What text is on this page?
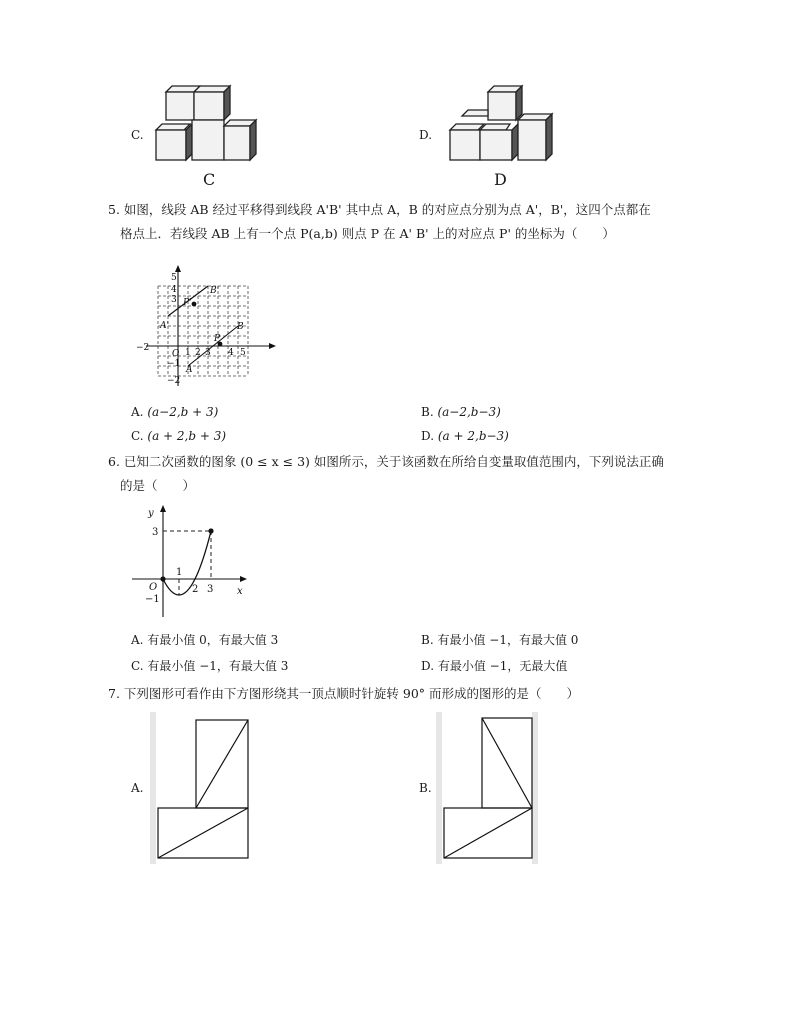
C.
C
D.
D
5. 如图，线段 AB 经过平移得到线段 A'B' 其中点 A，B 的对应点分别为点 A'，B'，这四个点都在
格点上．若线段 AB 上有一个点 P(a,b) 则点 P 在 A' B' 上的对应点 P' 的坐标为（　　）
−2
O
−1
−2
5
4
3
1 2 3 4 5
A'
B'
P'
A
B
P
A. (a−2,b + 3)	B. (a−2,b−3)
C. (a + 2,b + 3)	D. (a + 2,b−3)
6. 已知二次函数的图象 (0 ≤ x ≤ 3) 如图所示，关于该函数在所给自变量取值范围内，下列说法正确
的是（　　）
y
x
3
O
−1
1
2 3
A. 有最小值 0，有最大值 3	B. 有最小值 −1，有最大值 0
C. 有最小值 −1，有最大值 3	D. 有最小值 −1，无最大值
7. 下列图形可看作由下方图形绕其一顶点顺时针旋转 90° 而形成的图形的是（　　）
A.	B.
